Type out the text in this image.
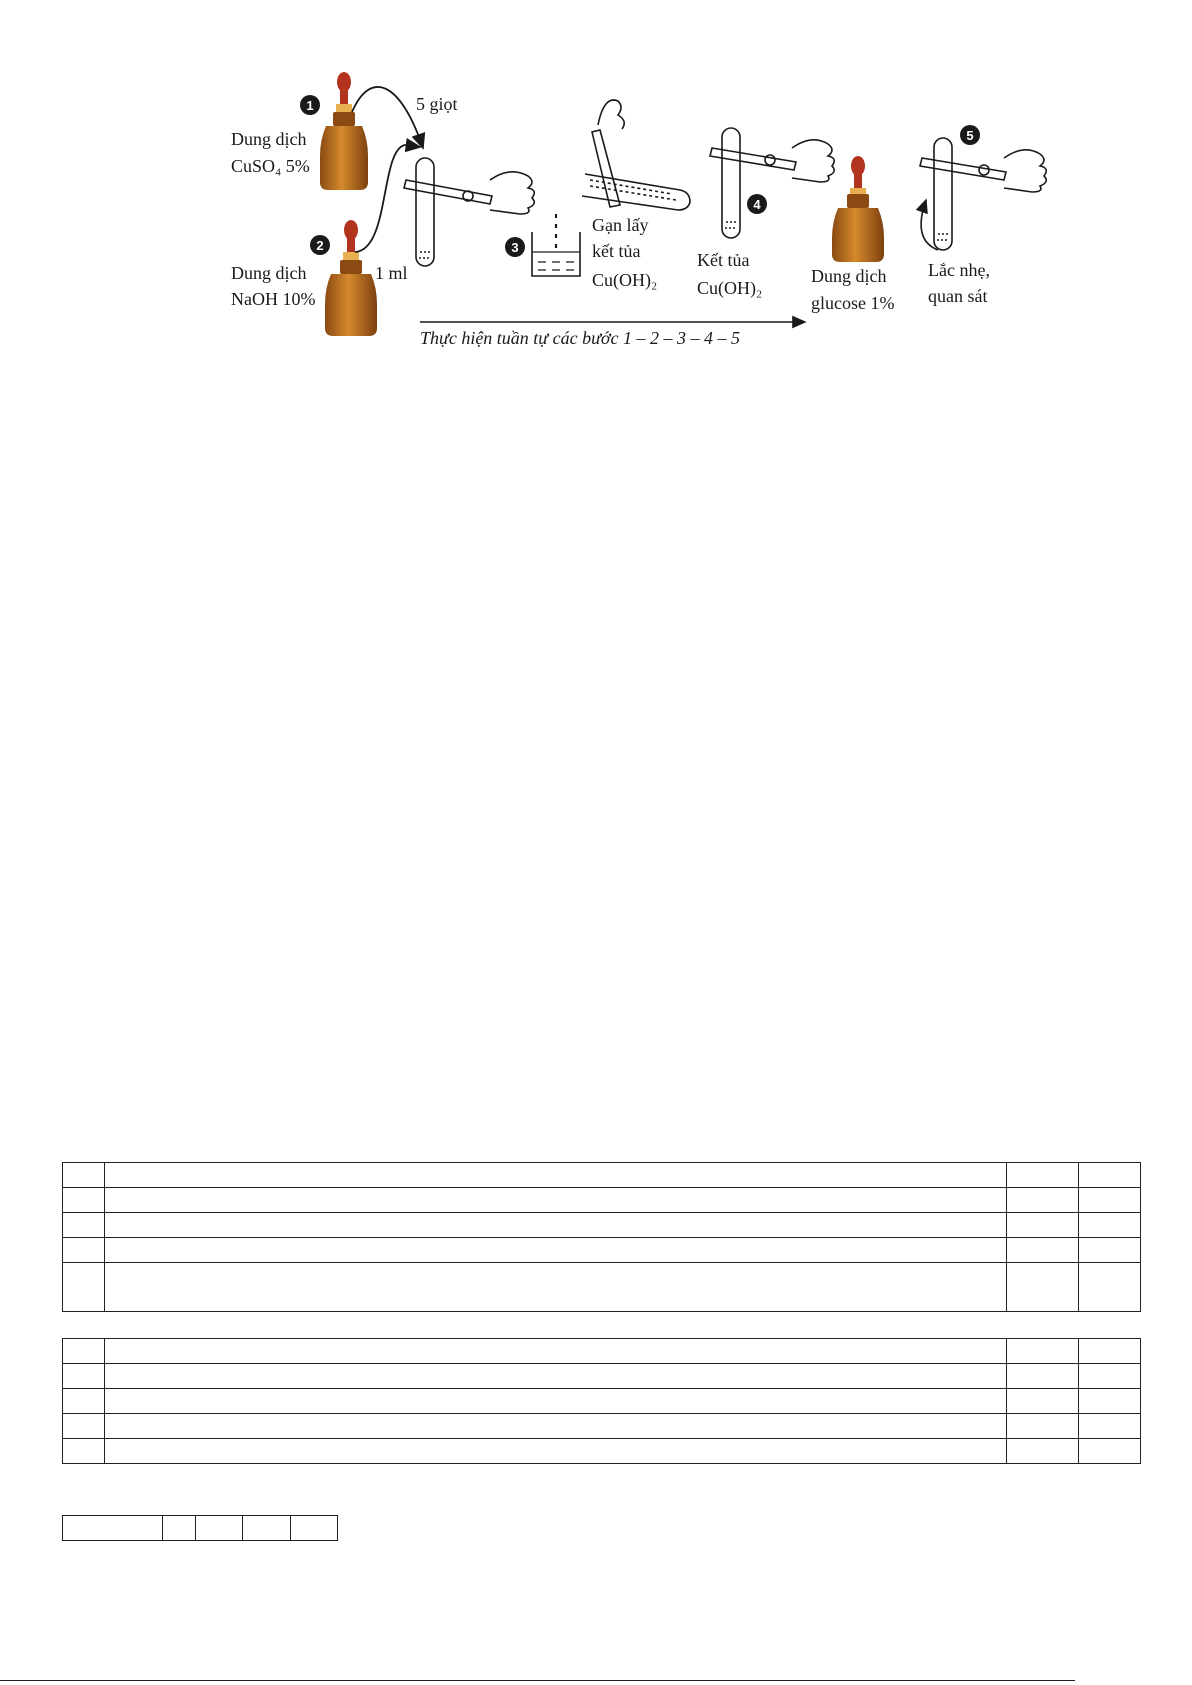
1
2	3
4
5
Dung dịch
CuSO₄ 5%
Dung dịch
NaOH 10%
5 giọt
1 ml
Gạn lấy
kết tủa
Cu(OH)₂
Kết tủa
Cu(OH)₂
Dung dịch
glucose 1%
Lắc nhẹ,
quan sát
Thực hiện tuần tự các bước 1 – 2 – 3 – 4 – 5
